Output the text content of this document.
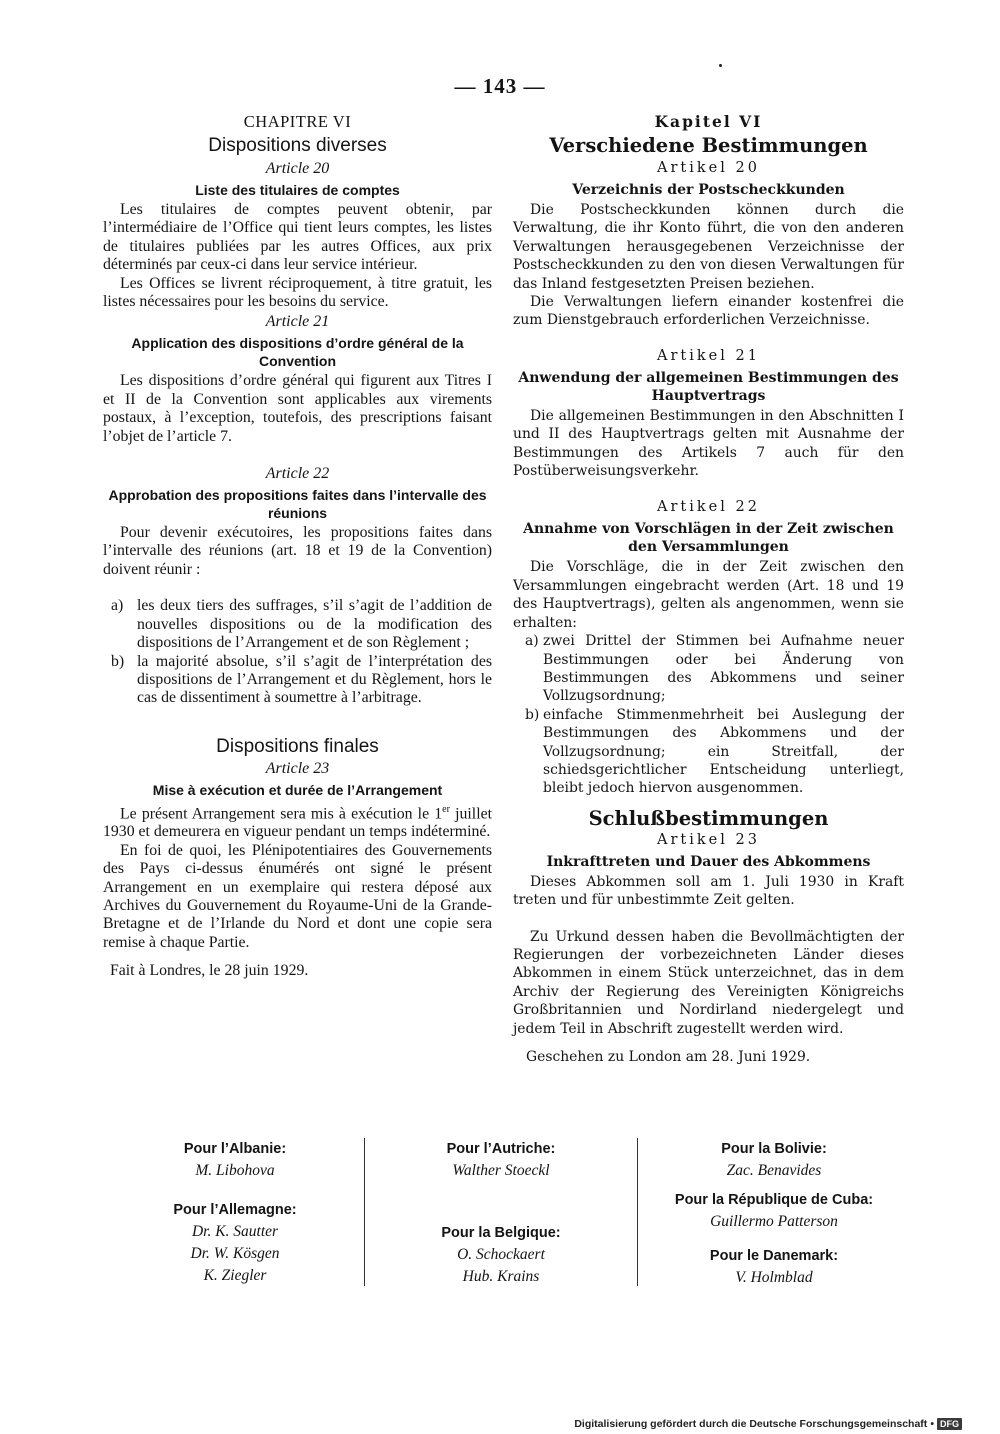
— 143 —
CHAPITRE VI
Dispositions diverses
Article 20
Liste des titulaires de comptes

Les titulaires de comptes peuvent obtenir, par l’intermédiaire de l’Office qui tient leurs comptes, les listes de titulaires publiées par les autres Offices, aux prix déterminés par ceux-ci dans leur service intérieur.

Les Offices se livrent réciproquement, à titre gratuit, les listes nécessaires pour les besoins du service.

Article 21
Application des dispositions d’ordre général de la Convention

Les dispositions d’ordre général qui figurent aux Titres I et II de la Convention sont applicables aux virements postaux, à l’exception, toutefois, des prescriptions faisant l’objet de l’article 7.

Article 22
Approbation des propositions faites dans l’intervalle des réunions

Pour devenir exécutoires, les propositions faites dans l’intervalle des réunions (art. 18 et 19 de la Convention) doivent réunir :

a) les deux tiers des suffrages, s’il s’agit de l’addition de nouvelles dispositions ou de la modification des dispositions de l’Arrangement et de son Règlement ;
b) la majorité absolue, s’il s’agit de l’interprétation des dispositions de l’Arrangement et du Règlement, hors le cas de dissentiment à soumettre à l’arbitrage.
Dispositions finales
Article 23
Mise à exécution et durée de l’Arrangement

Le présent Arrangement sera mis à exécution le 1er juillet 1930 et demeurera en vigueur pendant un temps indéterminé.

En foi de quoi, les Plénipotentiaires des Gouvernements des Pays ci-dessus énumérés ont signé le présent Arrangement en un exemplaire qui restera déposé aux Archives du Gouvernement du Royaume-Uni de la Grande-Bretagne et de l’Irlande du Nord et dont une copie sera remise à chaque Partie.

Fait à Londres, le 28 juin 1929.
Kapitel VI
Verschiedene Bestimmungen
Artikel 20
Verzeichnis der Postscheckkunden

Die Postscheckkunden können durch die Verwaltung, die ihr Konto führt, die von den anderen Verwaltungen herausgegebenen Verzeichnisse der Postscheckkunden zu den von diesen Verwaltungen für das Inland festgesetzten Preisen beziehen.

Die Verwaltungen liefern einander kostenfrei die zum Dienstgebrauch erforderlichen Verzeichnisse.

Artikel 21
Anwendung der allgemeinen Bestimmungen des Hauptvertrags

Die allgemeinen Bestimmungen in den Abschnitten I und II des Hauptvertrags gelten mit Ausnahme der Bestimmungen des Artikels 7 auch für den Postüberweisungsverkehr.

Artikel 22
Annahme von Vorschlägen in der Zeit zwischen den Versammlungen

Die Vorschläge, die in der Zeit zwischen den Versammlungen eingebracht werden (Art. 18 und 19 des Hauptvertrags), gelten als angenommen, wenn sie erhalten:

a) zwei Drittel der Stimmen bei Aufnahme neuer Bestimmungen oder bei Änderung von Bestimmungen des Abkommens und seiner Vollzugsordnung;
b) einfache Stimmenmehrheit bei Auslegung der Bestimmungen des Abkommens und der Vollzugsordnung; ein Streitfall, der schiedsgerichtlicher Entscheidung unterliegt, bleibt jedoch hiervon ausgenommen.
Schlußbestimmungen
Artikel 23
Inkrafttreten und Dauer des Abkommens

Dieses Abkommen soll am 1. Juli 1930 in Kraft treten und für unbestimmte Zeit gelten.

Zu Urkund dessen haben die Bevollmächtigten der Regierungen der vorbezeichneten Länder dieses Abkommen in einem Stück unterzeichnet, das in dem Archiv der Regierung des Vereinigten Königreichs Großbritannien und Nordirland niedergelegt und jedem Teil in Abschrift zugestellt werden wird.

Geschehen zu London am 28. Juni 1929.
Pour l’Albanie:
M. Libohova
Pour l’Allemagne:
Dr. K. Sautter
Dr. W. Kösgen
K. Ziegler
Pour l’Autriche:
Walther Stoeckl
Pour la Belgique:
O. Schockaert
Hub. Krains
Pour la Bolivie:
Zac. Benavides
Pour la République de Cuba:
Guillermo Patterson
Pour le Danemark:
V. Holmblad
Digitalisierung gefördert durch die Deutsche Forschungsgemeinschaft • DFG
